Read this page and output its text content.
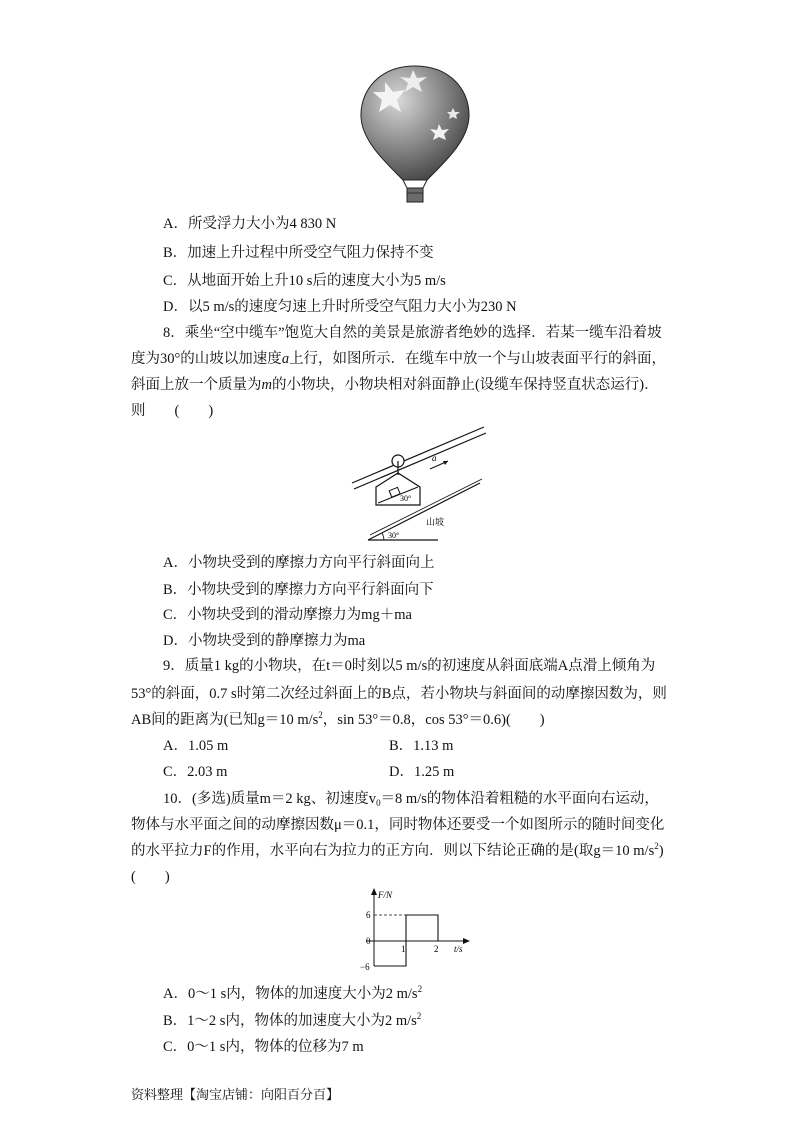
A．所受浮力大小为4 830 N
B．加速上升过程中所受空气阻力保持不变
C．从地面开始上升10 s后的速度大小为5 m/s
D．以5 m/s的速度匀速上升时所受空气阻力大小为230 N
8．乘坐“空中缆车”饱览大自然的美景是旅游者绝妙的选择．若某一缆车沿着坡
度为30°的山坡以加速度a上行，如图所示．在缆车中放一个与山坡表面平行的斜面，
斜面上放一个质量为m的小物块，小物块相对斜面静止(设缆车保持竖直状态运行)．
则　　(　　)
30°
a
30°
山坡
A．小物块受到的摩擦力方向平行斜面向上
B．小物块受到的摩擦力方向平行斜面向下
C．小物块受到的滑动摩擦力为mg＋ma
D．小物块受到的静摩擦力为ma
9．质量1 kg的小物块，在t＝0时刻以5 m/s的初速度从斜面底端A点滑上倾角为
53°的斜面，0.7 s时第二次经过斜面上的B点，若小物块与斜面间的动摩擦因数为，则
AB间的距离为(已知g＝10 $m/s^2$，sin 53°＝0.8，cos 53°＝0.6)(　　)
A．1.05 m	B．1.13 m
C．2.03 m	D．1.25 m
10．(多选)质量m＝2 kg、初速度$v_0=8$ m/s的物体沿着粗糙的水平面向右运动，
物体与水平面之间的动摩擦因数μ＝0.1，同时物体还要受一个如图所示的随时间变化
的水平拉力F的作用，水平向右为拉力的正方向．则以下结论正确的是(取g＝10 $m/s^2$)
(　　)
F/N
t/s
0
6
−6
1	2
A．0～1 s内，物体的加速度大小为2 $m/s^2$
B．1～2 s内，物体的加速度大小为2 $m/s^2$
C．0～1 s内，物体的位移为7 m
资料整理【淘宝店铺：向阳百分百】
